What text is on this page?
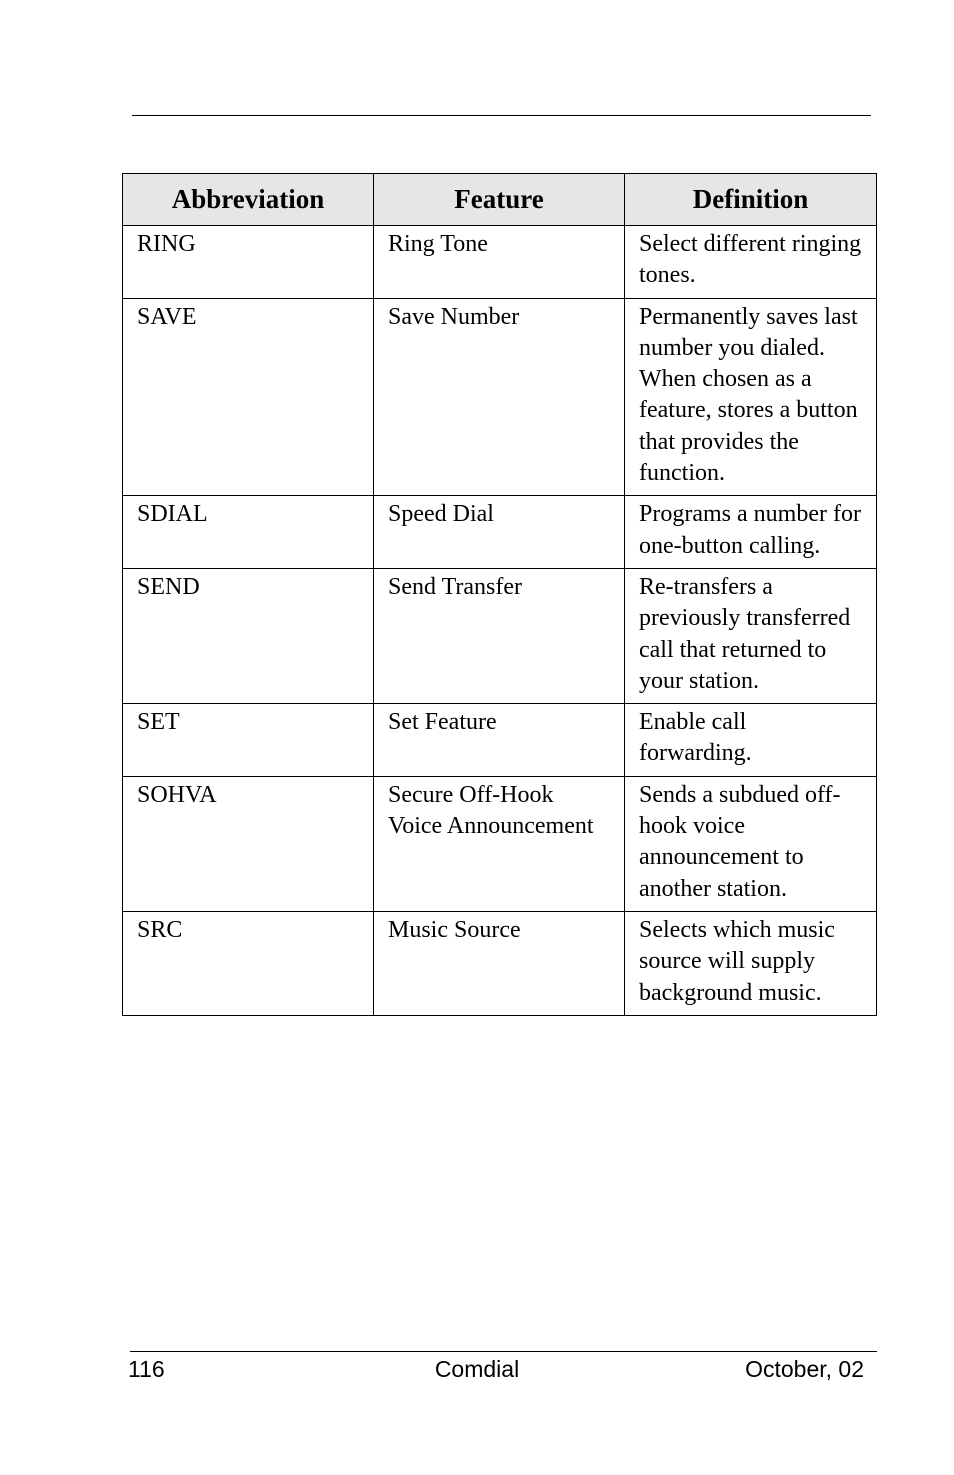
Abbreviation	Feature	Definition
RING	Ring Tone	Select different ringing tones.
SAVE	Save Number	Permanently saves last number you dialed. When chosen as a feature, stores a button that provides the function.
SDIAL	Speed Dial	Programs a number for one-button calling.
SEND	Send Transfer	Re-transfers a previously transferred call that returned to your station.
SET	Set Feature	Enable call forwarding.
SOHVA	Secure Off-Hook Voice Announcement	Sends a subdued off-hook voice announcement to another station.
SRC	Music Source	Selects which music source will supply background music.
116	Comdial	October, 02
